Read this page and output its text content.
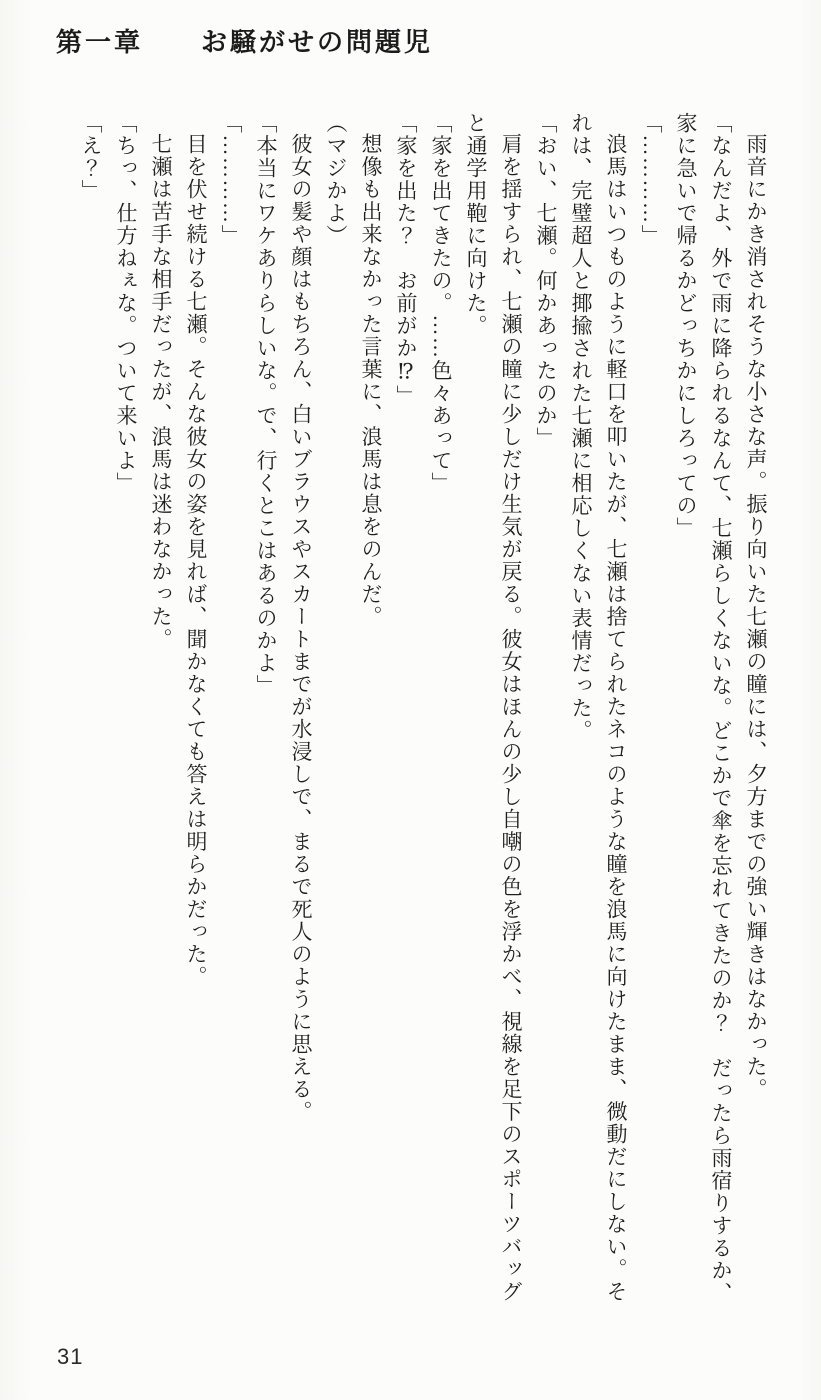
第一章　　お騒がせの問題児

雨音にかき消されそうな小さな声。振り向いた七瀬の瞳には、夕方までの強い輝きはなかった。

「なんだよ、外で雨に降られるなんて、七瀬らしくないな。どこかで傘を忘れてきたのか？　だったら雨宿りするか、家に急いで帰るかどっちかにしろっての」

「…………」

浪馬はいつものように軽口を叩いたが、七瀬は捨てられたネコのような瞳を浪馬に向けたまま、微動だにしない。それは、完璧超人と揶揄された七瀬に相応しくない表情だった。

「おい、七瀬。何かあったのか」

肩を揺すられ、七瀬の瞳に少しだけ生気が戻る。彼女はほんの少し自嘲の色を浮かべ、視線を足下のスポーツバッグと通学用鞄に向けた。

「家を出てきたの。……色々あって」

「家を出た？　お前がか⁉」

想像も出来なかった言葉に、浪馬は息をのんだ。

（マジかよ）

彼女の髪や顔はもちろん、白いブラウスやスカートまでが水浸しで、まるで死人のように思える。

「本当にワケありらしいな。で、行くとこはあるのかよ」

「…………」

目を伏せ続ける七瀬。そんな彼女の姿を見れば、聞かなくても答えは明らかだった。

七瀬は苦手な相手だったが、浪馬は迷わなかった。

「ちっ、仕方ねぇな。ついて来いよ」

「え？」

31
